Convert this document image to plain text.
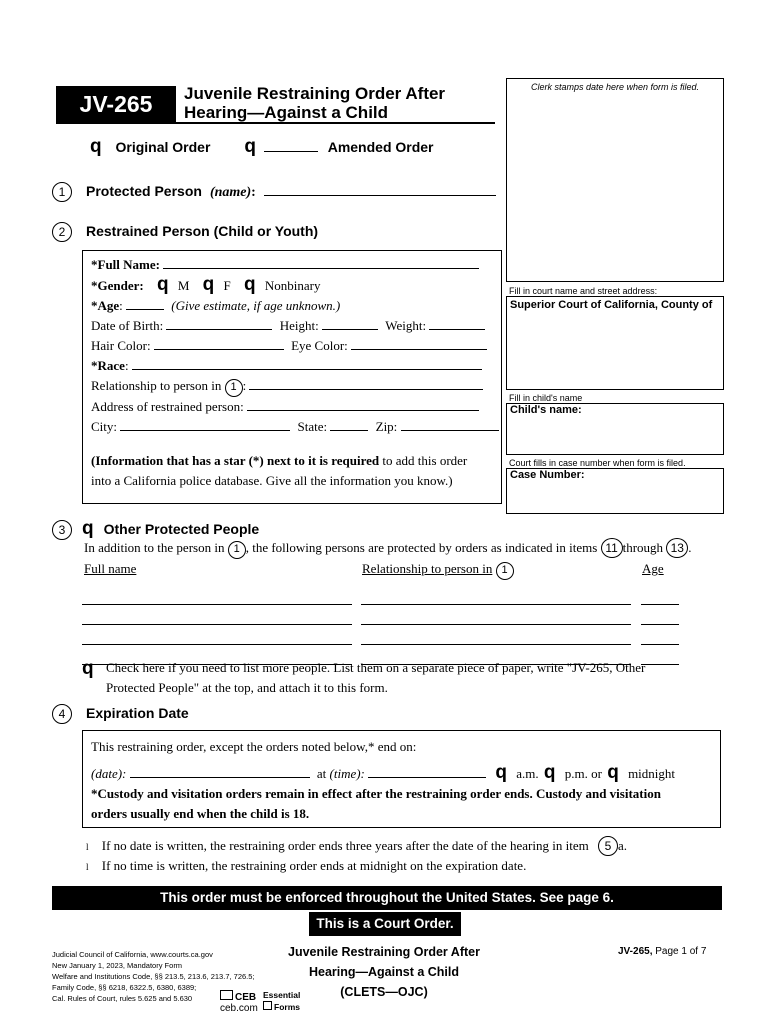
JV-265	Juvenile Restraining Order After
Hearing—Against a Child
Clerk stamps date here when form is filed.
Fill in court name and street address:
Superior Court of California, County of
Fill in child's name
Child's name:
Court fills in case number when form is filed.
Case Number:
q Original Order q	Amended Order
1 Protected Person (name):
2 Restrained Person (Child or Youth)
*Full Name:
*Gender: q M q F q Nonbinary
*Age:	(Give estimate, if age unknown.)
Date of Birth:	Height:	Weight:
Hair Color:	Eye Color:
*Race:
Relationship to person in 1 :
Address of restrained person:
City:	State:	Zip:
(Information that has a star (*) next to it is required to add this order
into a California police database. Give all the information you know.)
3 q Other Protected People
In addition to the person in 1 , the following persons are protected by orders as indicated in items 11 through 13 .
Full name	Relationship to person in 1	Age
q Check here if you need to list more people. List them on a separate piece of paper, write "JV-265, Other
Protected People" at the top, and attach it to this form.
4 Expiration Date
This restraining order, except the orders noted below,* end on:
(date):	at (time):	q a.m. q p.m. or q midnight
*Custody and visitation orders remain in effect after the restraining order ends. Custody and visitation
orders usually end when the child is 18.
l If no date is written, the restraining order ends three years after the date of the hearing in item 5 a.
l If no time is written, the restraining order ends at midnight on the expiration date.
This order must be enforced throughout the United States. See page 6.
This is a Court Order.
Judicial Council of California, www.courts.ca.gov
New January 1, 2023, Mandatory Form
Welfare and Institutions Code, §§ 213.5, 213.6, 213.7, 726.5;
Family Code, §§ 6218, 6322.5, 6380, 6389;
Cal. Rules of Court, rules 5.625 and 5.630	CEB
ceb.com
Essential
Forms
Juvenile Restraining Order After
Hearing—Against a Child
(CLETS—OJC)
JV-265, Page 1 of 7
